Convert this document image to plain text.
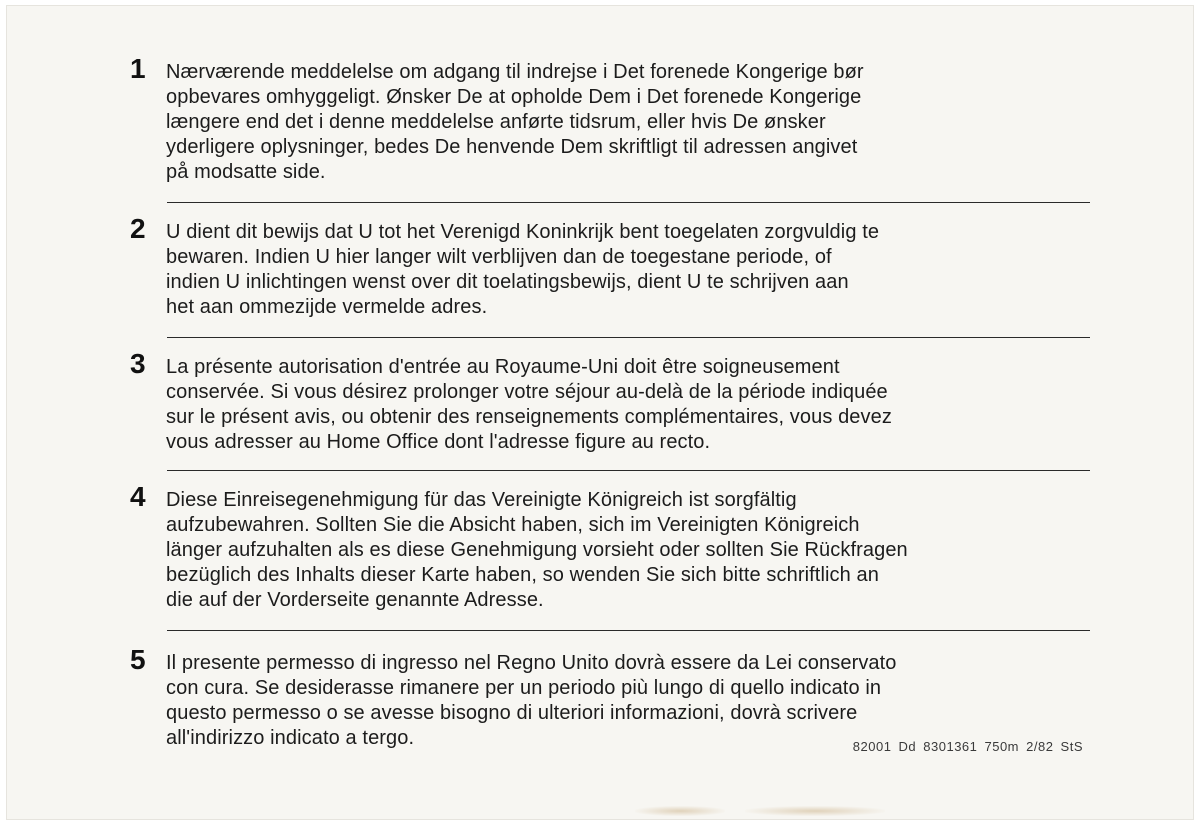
1	Nærværende meddelelse om adgang til indrejse i Det forenede Kongerige bør
opbevares omhyggeligt. Ønsker De at opholde Dem i Det forenede Kongerige
længere end det i denne meddelelse anførte tidsrum, eller hvis De ønsker
yderligere oplysninger, bedes De henvende Dem skriftligt til adressen angivet
på modsatte side.
2	U dient dit bewijs dat U tot het Verenigd Koninkrijk bent toegelaten zorgvuldig te
bewaren. Indien U hier langer wilt verblijven dan de toegestane periode, of
indien U inlichtingen wenst over dit toelatingsbewijs, dient U te schrijven aan
het aan ommezijde vermelde adres.
3	La présente autorisation d'entrée au Royaume-Uni doit être soigneusement
conservée. Si vous désirez prolonger votre séjour au-delà de la période indiquée
sur le présent avis, ou obtenir des renseignements complémentaires, vous devez
vous adresser au Home Office dont l'adresse figure au recto.
4	Diese Einreisegenehmigung für das Vereinigte Königreich ist sorgfältig
aufzubewahren. Sollten Sie die Absicht haben, sich im Vereinigten Königreich
länger aufzuhalten als es diese Genehmigung vorsieht oder sollten Sie Rückfragen
bezüglich des Inhalts dieser Karte haben, so wenden Sie sich bitte schriftlich an
die auf der Vorderseite genannte Adresse.
5	Il presente permesso di ingresso nel Regno Unito dovrà essere da Lei conservato
con cura. Se desiderasse rimanere per un periodo più lungo di quello indicato in
questo permesso o se avesse bisogno di ulteriori informazioni, dovrà scrivere
all'indirizzo indicato a tergo.	82001 Dd 8301361 750m 2/82 StS
